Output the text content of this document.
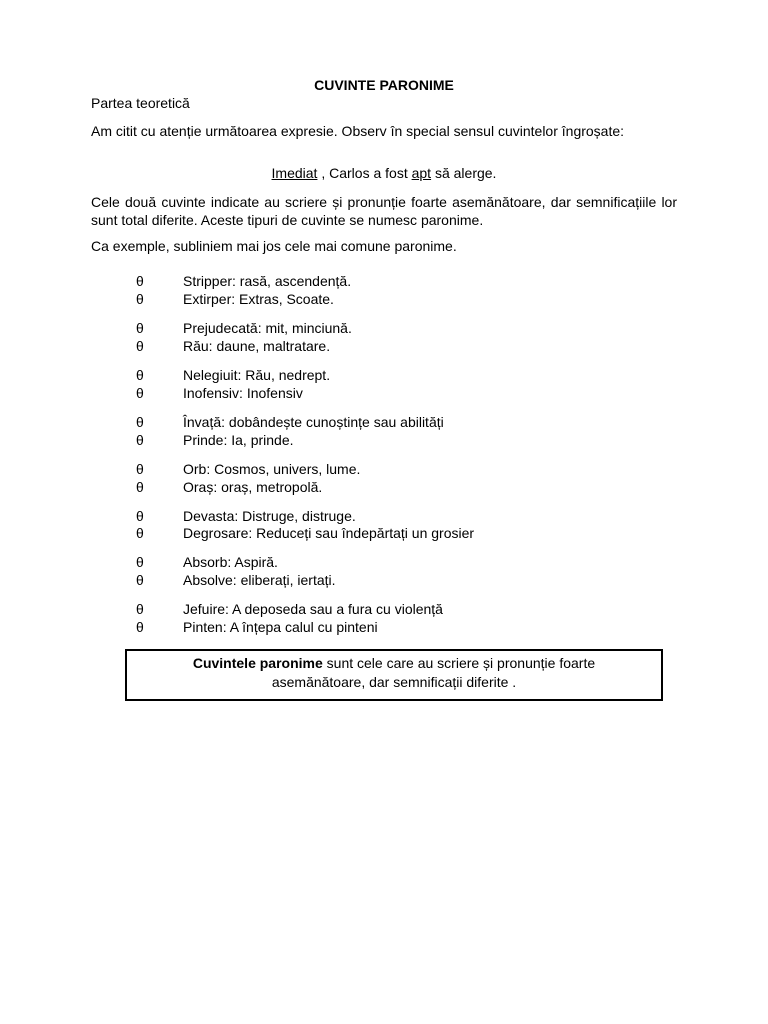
CUVINTE PARONIME
Partea teoretică
Am citit cu atenție următoarea expresie. Observ în special sensul cuvintelor îngroșate:
Imediat , Carlos a fost apt să alerge.
Cele două cuvinte indicate au scriere și pronunție foarte asemănătoare, dar semnificațiile lor sunt total diferite. Aceste tipuri de cuvinte se numesc paronime.
Ca exemple, subliniem mai jos cele mai comune paronime.
θ	Stripper: rasă, ascendență.
θ	Extirper: Extras, Scoate.
θ	Prejudecată: mit, minciună.
θ	Rău: daune, maltratare.
θ	Nelegiuit: Rău, nedrept.
θ	Inofensiv: Inofensiv
θ	Învață: dobândește cunoștințe sau abilități
θ	Prinde: Ia, prinde.
θ	Orb: Cosmos, univers, lume.
θ	Oraș: oraș, metropolă.
θ	Devasta: Distruge, distruge.
θ	Degrosare: Reduceți sau îndepărtați un grosier
θ	Absorb: Aspiră.
θ	Absolve: eliberați, iertați.
θ	Jefuire: A deposeda sau a fura cu violență
θ	Pinten: A înțepa calul cu pinteni
Cuvintele paronime sunt cele care au scriere și pronunție foarte
asemănătoare, dar semnificații diferite .
